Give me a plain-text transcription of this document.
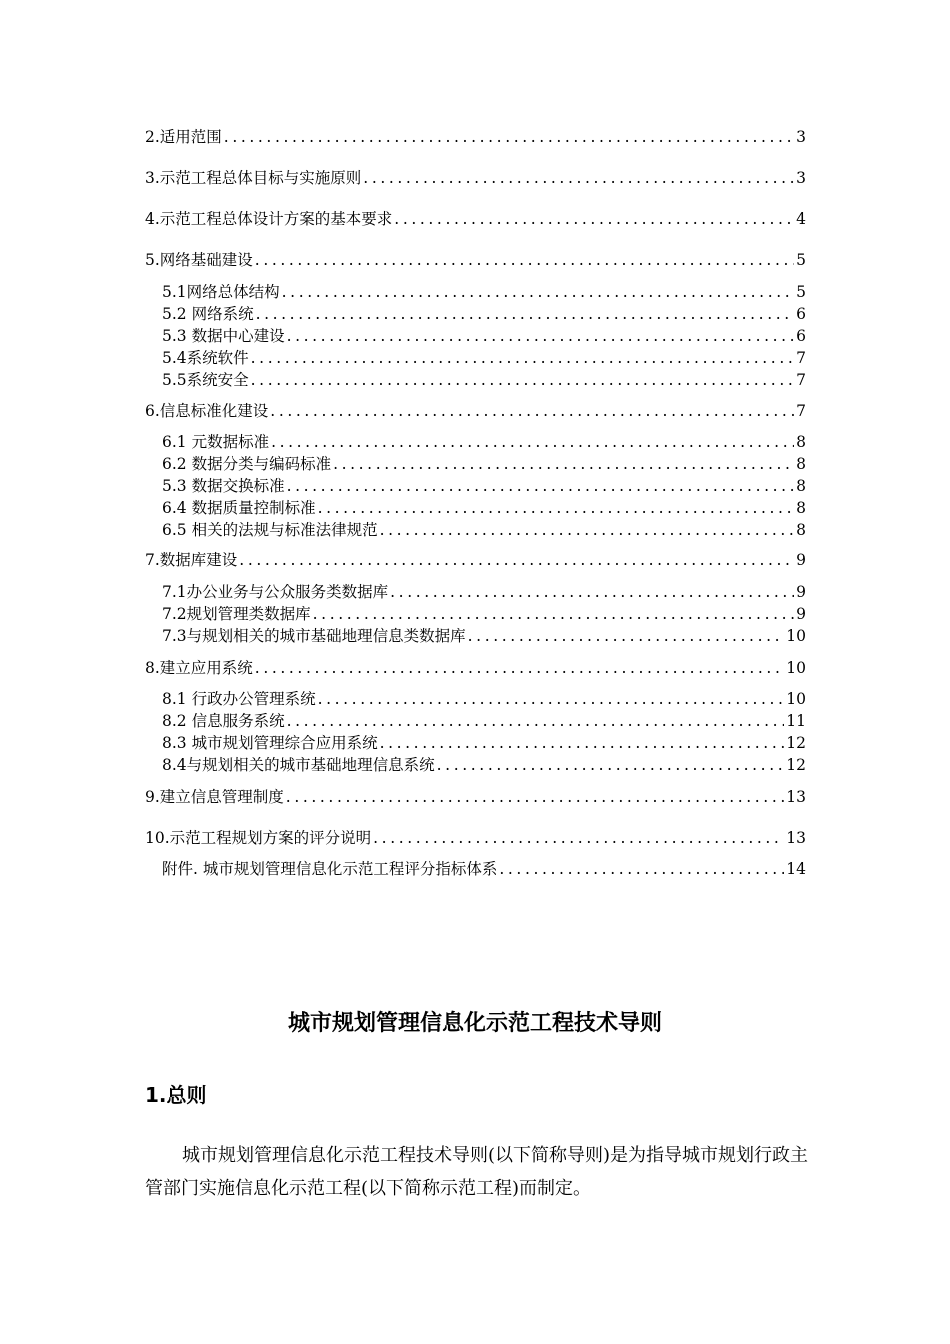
2.适用范围 .....	3
3.示范工程总体目标与实施原则 .....	3
4.示范工程总体设计方案的基本要求 .....	4
5.网络基础建设 .....	5
5.1网络总体结构 .....	5
5.2 网络系统 .....	6
5.3 数据中心建设 .....	6
5.4系统软件 .....	7
5.5系统安全 .....	7
6.信息标准化建设 .....	7
6.1 元数据标准 .....	8
6.2 数据分类与编码标准 .....	8
5.3 数据交换标准 .....	8
6.4 数据质量控制标准 .....	8
6.5 相关的法规与标准法律规范 .....	8
7.数据库建设 .....	9
7.1办公业务与公众服务类数据库 .....	9
7.2规划管理类数据库 .....	9
7.3与规划相关的城市基础地理信息类数据库 .....	10
8.建立应用系统 .....	10
8.1 行政办公管理系统 .....	10
8.2 信息服务系统 .....	11
8.3 城市规划管理综合应用系统 .....	12
8.4与规划相关的城市基础地理信息系统 .....	12
9.建立信息管理制度 .....	13
10.示范工程规划方案的评分说明 .....	13
附件. 城市规划管理信息化示范工程评分指标体系 .....	14
城市规划管理信息化示范工程技术导则
1.总则

城市规划管理信息化示范工程技术导则(以下简称导则)是为指导城市规划行政主管部门实施信息化示范工程(以下简称示范工程)而制定。
